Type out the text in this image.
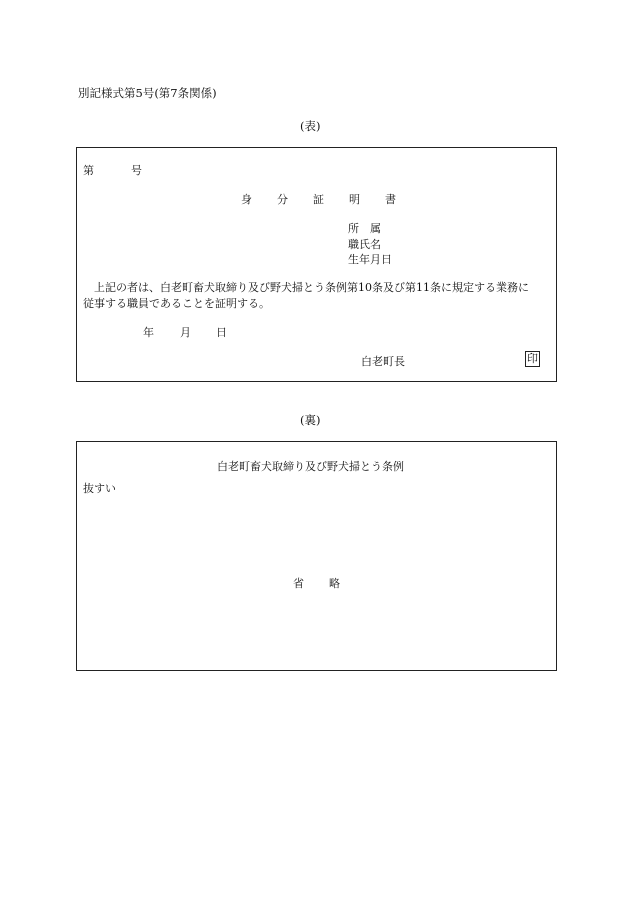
別記様式第5号(第7条関係)
(表)
第	号
身 分 証 明 書
所　属
職氏名
生年月日
上記の者は、白老町畜犬取締り及び野犬掃とう条例第10条及び第11条に規定する業務に
従事する職員であることを証明する。
年 月 日
白老町長	印
(裏)
白老町畜犬取締り及び野犬掃とう条例
抜すい
省 略
